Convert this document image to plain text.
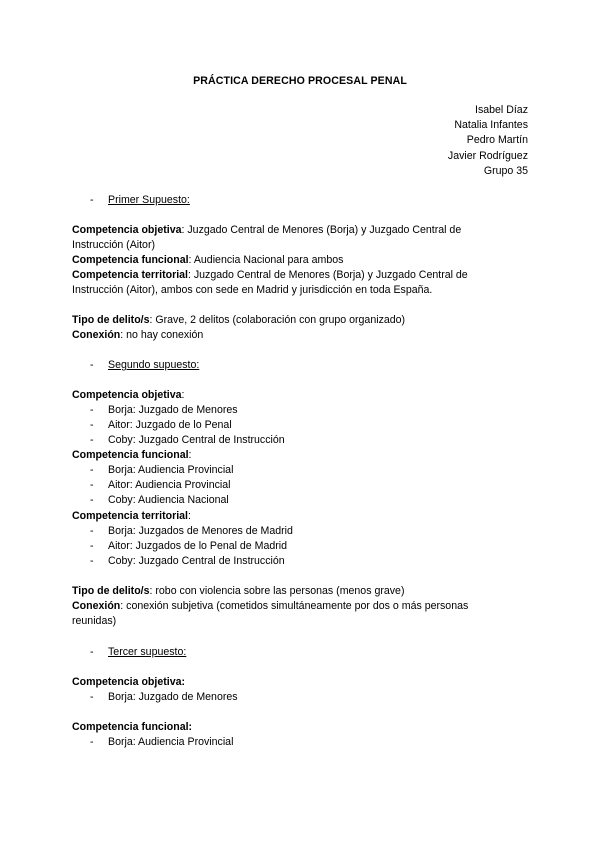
PRÁCTICA DERECHO PROCESAL PENAL
Isabel Díaz
Natalia Infantes
Pedro Martín
Javier Rodríguez
Grupo 35
- Primer Supuesto:
Competencia objetiva: Juzgado Central de Menores (Borja) y Juzgado Central de Instrucción (Aitor)
Competencia funcional: Audiencia Nacional para ambos
Competencia territorial: Juzgado Central de Menores (Borja) y Juzgado Central de Instrucción (Aitor), ambos con sede en Madrid y jurisdicción en toda España.
Tipo de delito/s: Grave, 2 delitos (colaboración con grupo organizado)
Conexión: no hay conexión
- Segundo supuesto:
Competencia objetiva:
- Borja: Juzgado de Menores
- Aitor: Juzgado de lo Penal
- Coby: Juzgado Central de Instrucción
Competencia funcional:
- Borja: Audiencia Provincial
- Aitor: Audiencia Provincial
- Coby: Audiencia Nacional
Competencia territorial:
- Borja: Juzgados de Menores de Madrid
- Aitor: Juzgados de lo Penal de Madrid
- Coby: Juzgado Central de Instrucción
Tipo de delito/s: robo con violencia sobre las personas (menos grave)
Conexión: conexión subjetiva (cometidos simultáneamente por dos o más personas reunidas)
- Tercer supuesto:
Competencia objetiva:
- Borja: Juzgado de Menores
Competencia funcional:
- Borja: Audiencia Provincial
